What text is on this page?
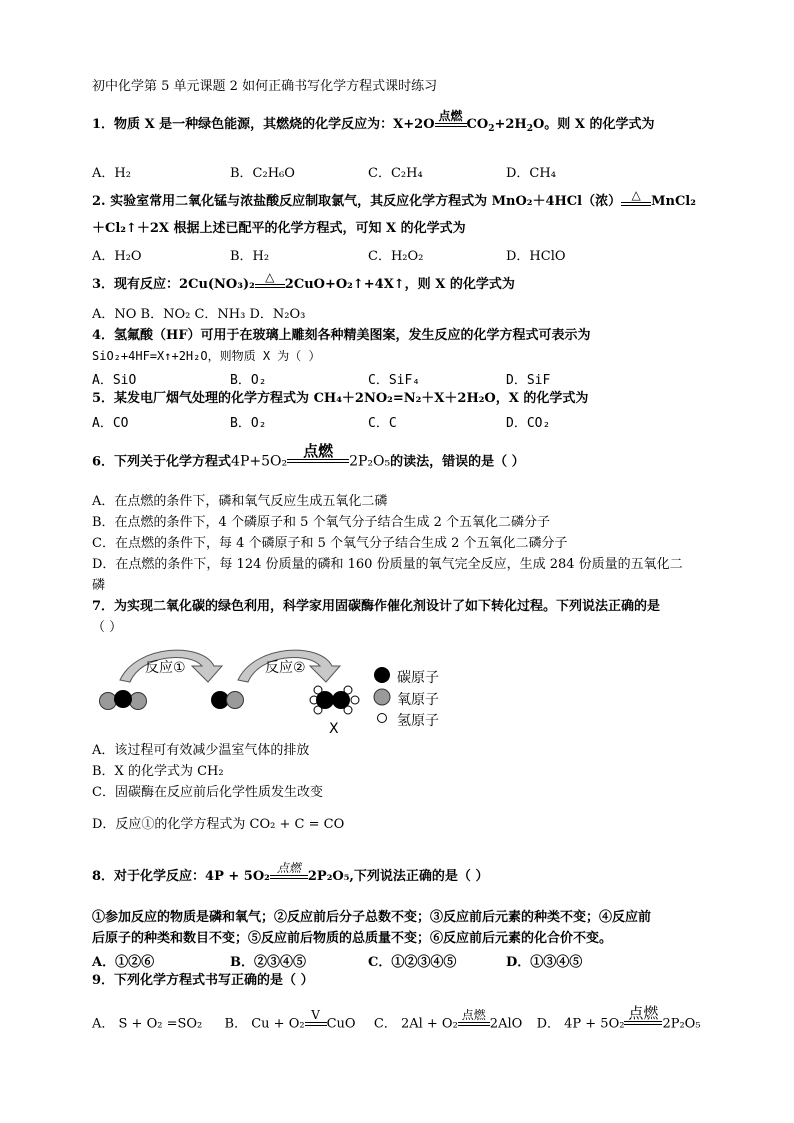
初中化学第 5 单元课题 2 如何正确书写化学方程式课时练习
1．物质 X 是一种绿色能源，其燃烧的化学反应为：X+2O
点燃
$CO_2+2H_2O$。则 X 的化学式为
A．H₂	B．C₂H₆O	C．C₂H₄	D．CH₄
2. 实验室常用二氧化锰与浓盐酸反应制取氯气，其反应化学方程式为 MnO₂＋4HCl（浓） △ MnCl₂
＋Cl₂↑＋2X 根据上述已配平的化学方程式，可知 X 的化学式为
A．H₂O	B．H₂	C．H₂O₂	D．HClO
3．现有反应：2Cu(NO₃)₂ △ 2CuO+O₂↑+4X↑，则 X 的化学式为
A．NO B．NO₂ C．NH₃ D．N₂O₃
4．氢氟酸（HF）可用于在玻璃上雕刻各种精美图案，发生反应的化学方程式可表示为
SiO₂+4HF=X↑+2H₂O，则物质 X 为（ ）
A．SiO	B．O₂	C．SiF₄	D．SiF
5．某发电厂烟气处理的化学方程式为 CH₄＋2NO₂=N₂＋X＋2H₂O，X 的化学式为
A．CO	B．O₂	C．C	D．CO₂
6．下列关于化学方程式4P+5O₂
点燃
2P₂O₅的读法，错误的是（ ）
A．在点燃的条件下，磷和氧气反应生成五氧化二磷
B．在点燃的条件下，4 个磷原子和 5 个氧气分子结合生成 2 个五氧化二磷分子
C．在点燃的条件下，每 4 个磷原子和 5 个氧气分子结合生成 2 个五氧化二磷分子
D．在点燃的条件下，每 124 份质量的磷和 160 份质量的氧气完全反应，生成 284 份质量的五氧化二
磷
7．为实现二氧化碳的绿色利用，科学家用固碳酶作催化剂设计了如下转化过程。下列说法正确的是
（ ）
反应①	反应②
X
碳原子
氧原子
氢原子
A．该过程可有效减少温室气体的排放
B．X 的化学式为 CH₂
C．固碳酶在反应前后化学性质发生改变
D．反应①的化学方程式为 CO₂ + C = CO
8．对于化学反应：4P + 5O₂
点燃
2P₂O₅,下列说法正确的是（ ）
①参加反应的物质是磷和氧气；②反应前后分子总数不变；③反应前后元素的种类不变；④反应前
后原子的种类和数目不变；⑤反应前后物质的总质量不变；⑥反应前后元素的化合价不变。
A．①②⑥	B．②③④⑤	C．①②③④⑤	D．①③④⑤
9．下列化学方程式书写正确的是（ ）
A． S + O₂ =SO₂ B． Cu + O₂
V
CuO C． 2Al + O₂
点燃
2AlO D． 4P + 5O₂
点燃
2P₂O₅
